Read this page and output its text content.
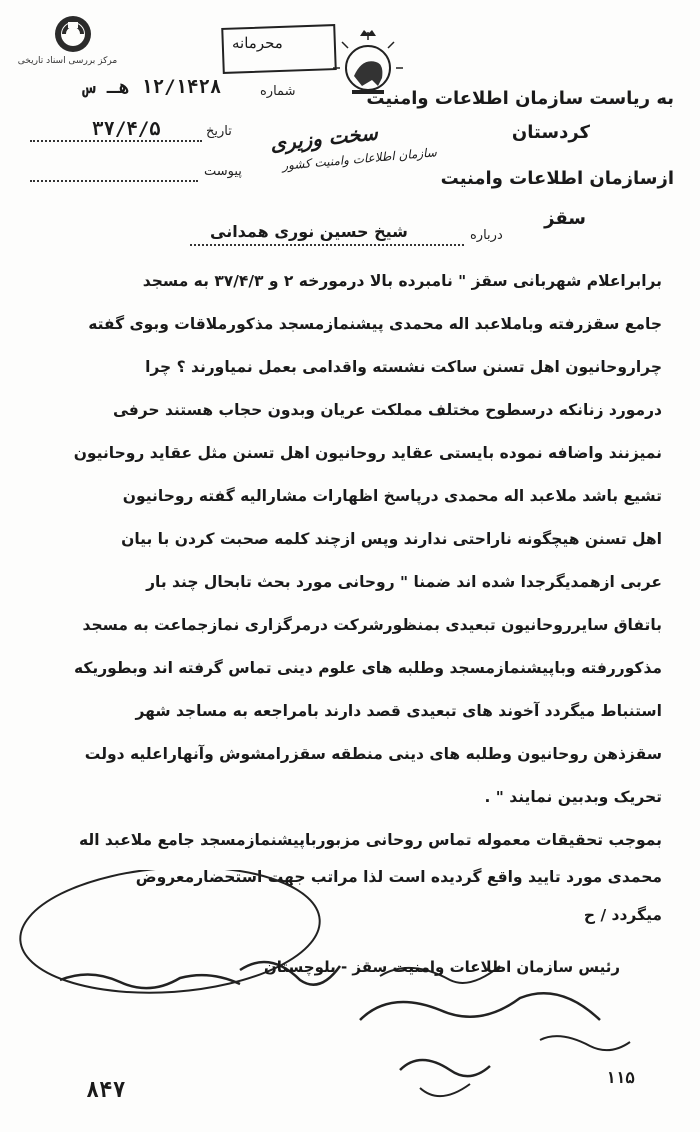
مرکز بررسی اسناد تاریخی
محرمانه
شماره
۱۲/۱۴۲۸ هـ س
به ریاست سازمان اطلاعات وامنیت
کردستان
تاریخ
۳۷/۴/۵	سخت وزیری
سازمان اطلاعات وامنیت کشور
پیوست	ازسازمان اطلاعات وامنیت
سقز
درباره
شیخ حسین نوری همدانی
برابراعلام شهربانی سقز " نامبرده بالا درمورخه ۲ و ۳۷/۴/۳ به مسجد
جامع سقزرفته وباملاعبد اله محمدی پیشنمازمسجد مذکورملاقات وبوی گفته
چراروحانیون اهل تسنن ساکت نشسته واقدامی بعمل نمیاورند ؟ چرا
درمورد زنانکه درسطوح مختلف مملکت عریان وبدون حجاب هستند حرفی
نمیزنند واضافه نموده بایستی عقاید روحانیون اهل تسنن مثل عقاید روحانیون
تشیع باشد ملاعبد اله محمدی درپاسخ اظهارات مشارالیه گفته روحانیون
اهل تسنن هیچگونه ناراحتی ندارند وپس ازچند کلمه صحبت کردن با بیان
عربی ازهمدیگرجدا شده اند ضمنا " روحانی مورد بحث تابحال چند بار
باتفاق سایرروحانیون تبعیدی بمنظورشرکت درمرگزاری نمازجماعت به مسجد
مذکوررفته وباپیشنمازمسجد وطلبه های علوم دینی تماس گرفته اند وبطوریکه
استنباط میگردد آخوند های تبعیدی قصد دارند بامراجعه به مساجد شهر
سقزذهن روحانیون وطلبه های دینی منطقه سقزرامشوش وآنهاراعلیه دولت
تحریک وبدبین نمایند " .
بموجب تحقیقات معموله تماس روحانی مزبورباپیشنمازمسجد جامع ملاعبد اله
محمدی مورد تایید واقع گردیده است لذا مراتب جهت استحضارمعروض
میگردد / ح
رئیس سازمان اطلاعات وامنیت سقز - بلوچستان
۸۴۷
۱۱۵
